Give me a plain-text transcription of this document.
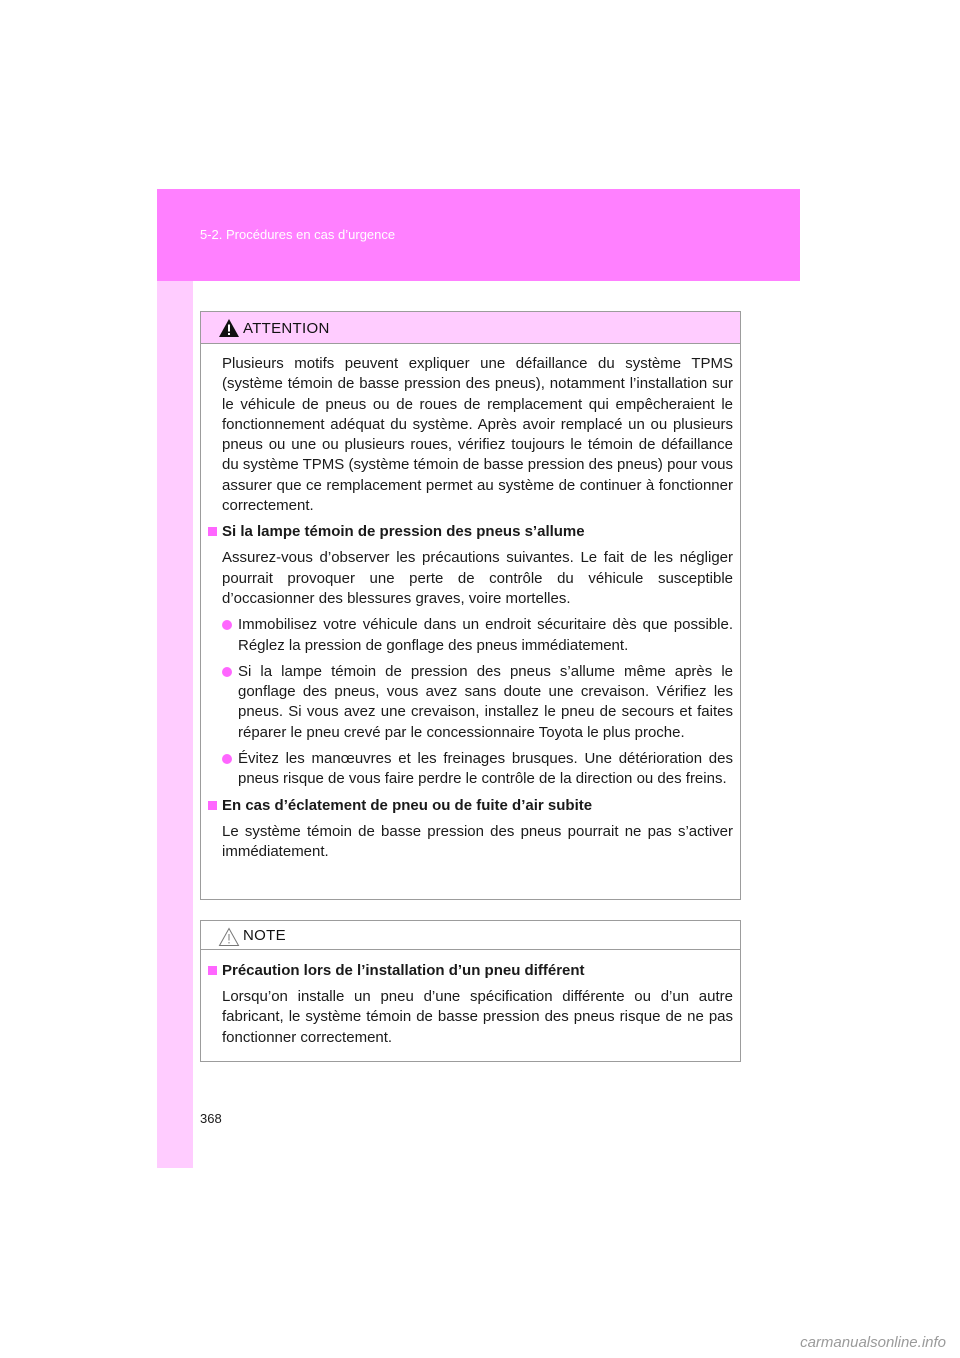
5-2. Procédures en cas d’urgence
ATTENTION

Plusieurs motifs peuvent expliquer une défaillance du système TPMS (système témoin de basse pression des pneus), notamment l’installation sur le véhicule de pneus ou de roues de remplacement qui empêcheraient le fonctionnement adéquat du système. Après avoir remplacé un ou plusieurs pneus ou une ou plusieurs roues, vérifiez toujours le témoin de défaillance du système TPMS (système témoin de basse pression des pneus) pour vous assurer que ce remplacement permet au système de continuer à fonctionner correctement.

Si la lampe témoin de pression des pneus s’allume

Assurez-vous d’observer les précautions suivantes. Le fait de les négliger pourrait provoquer une perte de contrôle du véhicule susceptible d’occasionner des blessures graves, voire mortelles.

Immobilisez votre véhicule dans un endroit sécuritaire dès que possible. Réglez la pression de gonflage des pneus immédiatement.
Si la lampe témoin de pression des pneus s’allume même après le gonflage des pneus, vous avez sans doute une crevaison. Vérifiez les pneus. Si vous avez une crevaison, installez le pneu de secours et faites réparer le pneu crevé par le concessionnaire Toyota le plus proche.
Évitez les manœuvres et les freinages brusques. Une détérioration des pneus risque de vous faire perdre le contrôle de la direction ou des freins.
En cas d’éclatement de pneu ou de fuite d’air subite

Le système témoin de basse pression des pneus pourrait ne pas s’activer immédiatement.

NOTE
Précaution lors de l’installation d’un pneu différent

Lorsqu’on installe un pneu d’une spécification différente ou d’un autre fabricant, le système témoin de basse pression des pneus risque de ne pas fonctionner correctement.

368
carmanualsonline.info
